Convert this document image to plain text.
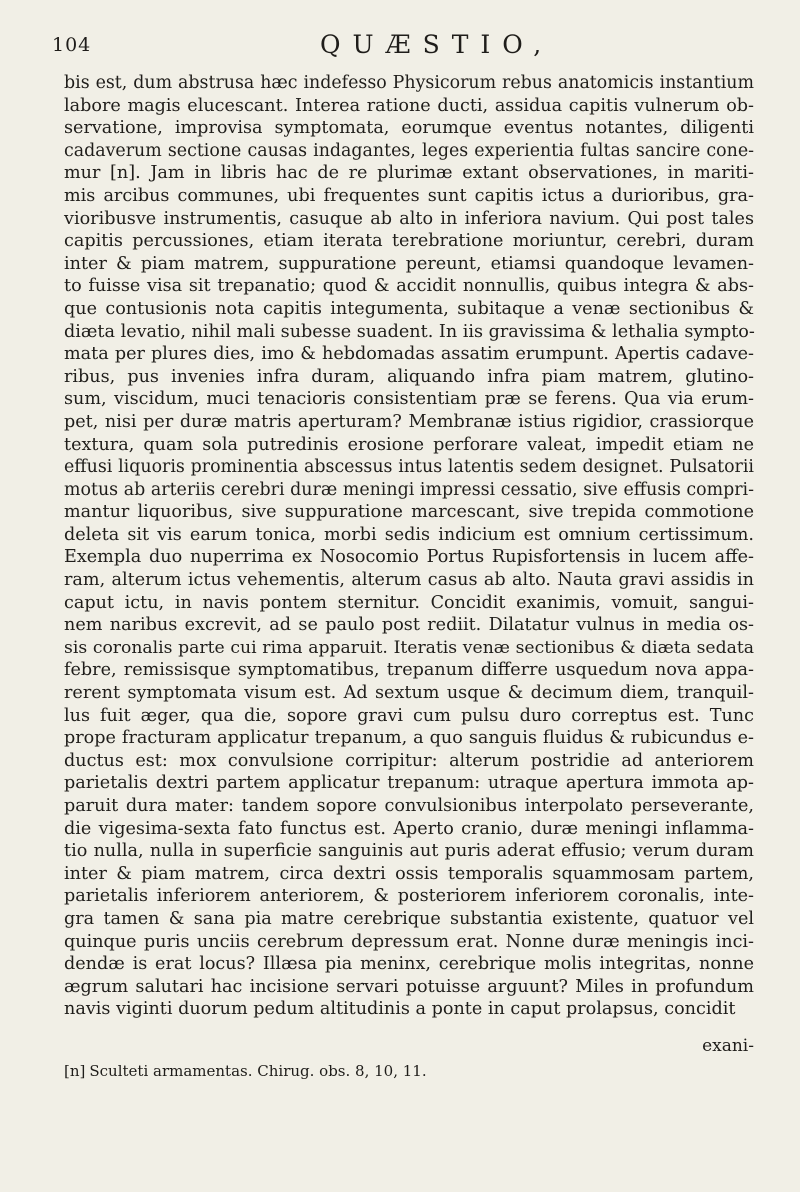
104	QUÆSTIO,
bis est, dum abstrusa hæc indefesso Physicorum rebus anatomicis instantium
labore magis elucescant. Interea ratione ducti, assidua capitis vulnerum ob-
servatione, improvisa symptomata, eorumque eventus notantes, diligenti
cadaverum sectione causas indagantes, leges experientia fultas sancire cone-
mur [n]. Jam in libris hac de re plurimæ extant observationes, in mariti-
mis arcibus communes, ubi frequentes sunt capitis ictus a durioribus, gra-
vioribusve instrumentis, casuque ab alto in inferiora navium. Qui post tales
capitis percussiones, etiam iterata terebratione moriuntur, cerebri, duram
inter & piam matrem, suppuratione pereunt, etiamsi quandoque levamen-
to fuisse visa sit trepanatio; quod & accidit nonnullis, quibus integra & abs-
que contusionis nota capitis integumenta, subitaque a venæ sectionibus &
diæta levatio, nihil mali subesse suadent. In iis gravissima & lethalia sympto-
mata per plures dies, imo & hebdomadas assatim erumpunt. Apertis cadave-
ribus, pus invenies infra duram, aliquando infra piam matrem, glutino-
sum, viscidum, muci tenacioris consistentiam præ se ferens. Qua via erum-
pet, nisi per duræ matris aperturam? Membranæ istius rigidior, crassiorque
textura, quam sola putredinis erosione perforare valeat, impedit etiam ne
effusi liquoris prominentia abscessus intus latentis sedem designet. Pulsatorii
motus ab arteriis cerebri duræ meningi impressi cessatio, sive effusis compri-
mantur liquoribus, sive suppuratione marcescant, sive trepida commotione
deleta sit vis earum tonica, morbi sedis indicium est omnium certissimum.
Exempla duo nuperrima ex Nosocomio Portus Rupisfortensis in lucem affe-
ram, alterum ictus vehementis, alterum casus ab alto. Nauta gravi assidis in
caput ictu, in navis pontem sternitur. Concidit exanimis, vomuit, sangui-
nem naribus excrevit, ad se paulo post rediit. Dilatatur vulnus in media os-
sis coronalis parte cui rima apparuit. Iteratis venæ sectionibus & diæta sedata
febre, remissisque symptomatibus, trepanum differre usquedum nova appa-
rerent symptomata visum est. Ad sextum usque & decimum diem, tranquil-
lus fuit æger, qua die, sopore gravi cum pulsu duro correptus est. Tunc
prope fracturam applicatur trepanum, a quo sanguis fluidus & rubicundus e-
ductus est: mox convulsione corripitur: alterum postridie ad anteriorem
parietalis dextri partem applicatur trepanum: utraque apertura immota ap-
paruit dura mater: tandem sopore convulsionibus interpolato perseverante,
die vigesima-sexta fato functus est. Aperto cranio, duræ meningi inflamma-
tio nulla, nulla in superficie sanguinis aut puris aderat effusio; verum duram
inter & piam matrem, circa dextri ossis temporalis squammosam partem,
parietalis inferiorem anteriorem, & posteriorem inferiorem coronalis, inte-
gra tamen & sana pia matre cerebrique substantia existente, quatuor vel
quinque puris unciis cerebrum depressum erat. Nonne duræ meningis inci-
dendæ is erat locus? Illæsa pia meninx, cerebrique molis integritas, nonne
ægrum salutari hac incisione servari potuisse arguunt? Miles in profundum
navis viginti duorum pedum altitudinis a ponte in caput prolapsus, concidit
exani-
[n] Sculteti armamentas. Chirug. obs. 8, 10, 11.
